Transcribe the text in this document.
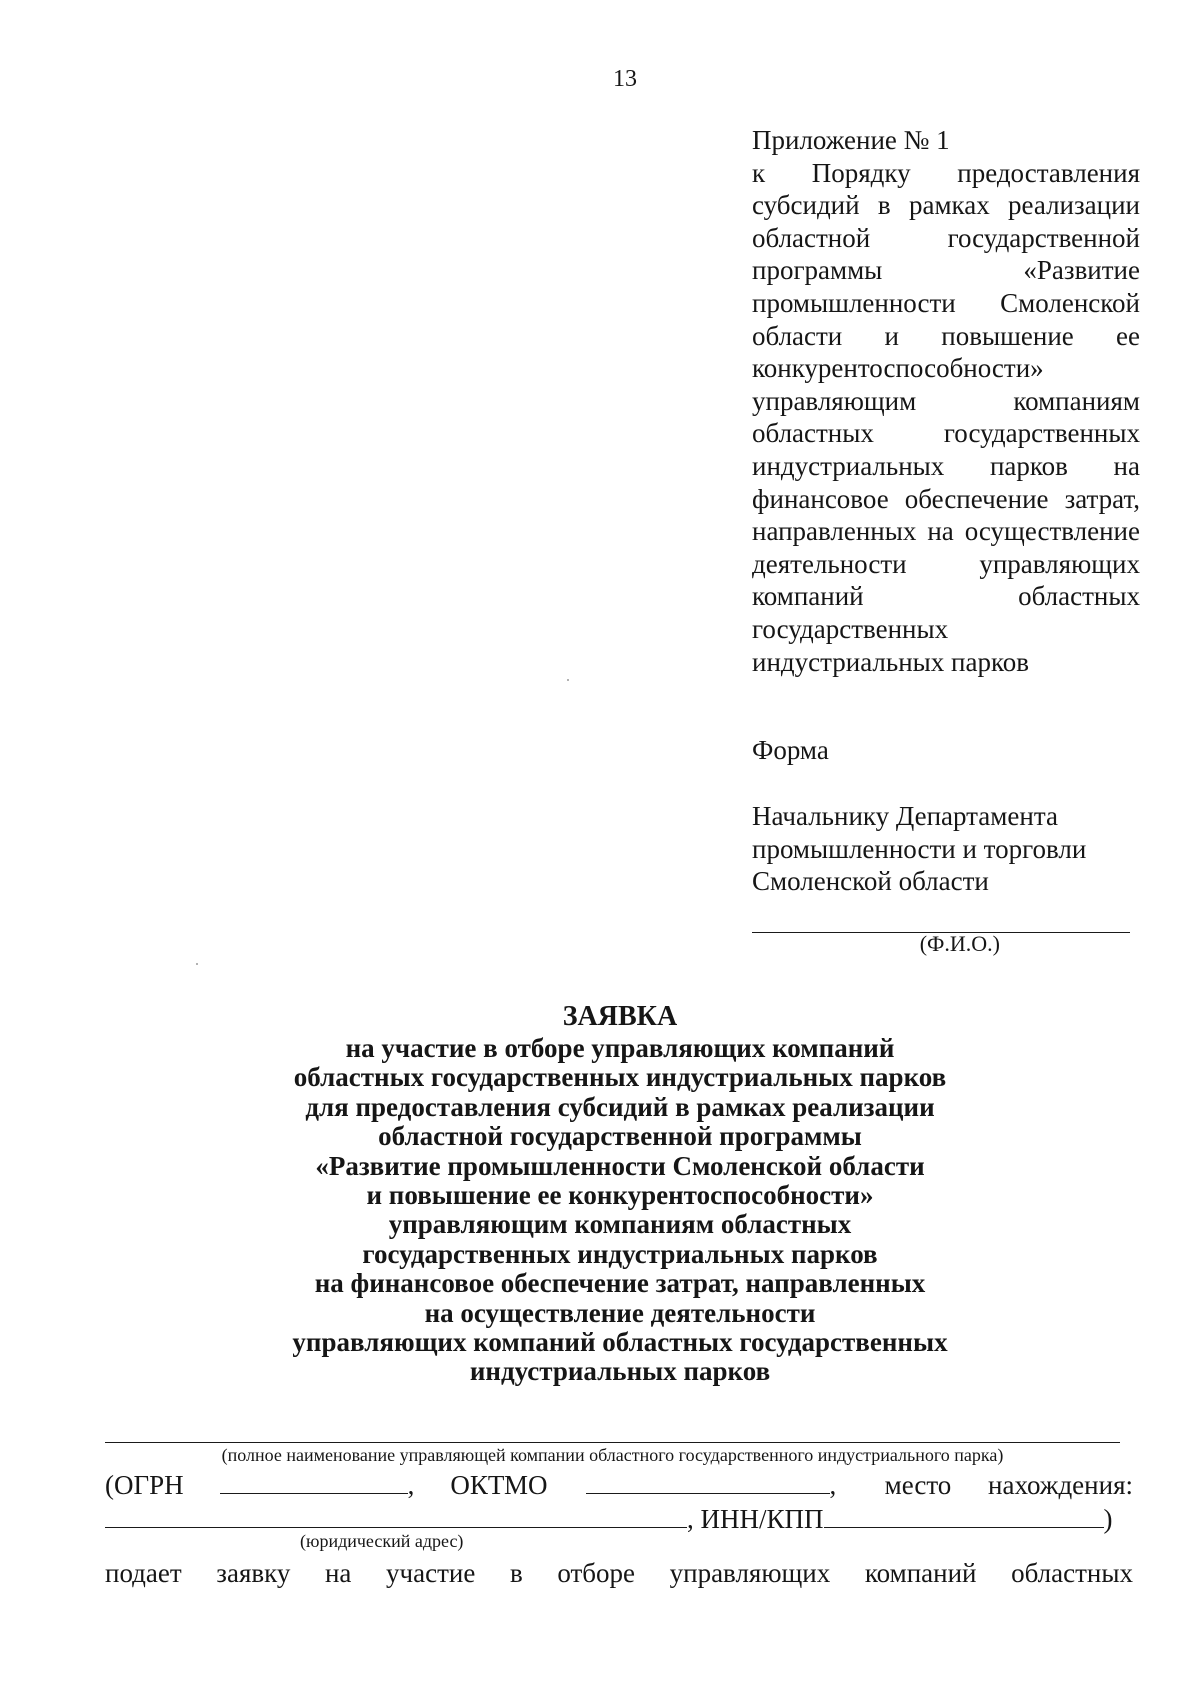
13
Приложение № 1
к Порядку предоставления субсидий в рамках реализации областной государственной программы «Развитие промышленности Смоленской области и повышение ее конкурентоспособности» управляющим компаниям областных государственных индустриальных парков на финансовое обеспечение затрат, направленных на осуществление деятельности управляющих компаний областных государственных
индустриальных парков
Форма
Начальнику Департамента
промышленности и торговли
Смоленской области
(Ф.И.О.)
ЗАЯВКА
на участие в отборе управляющих компаний
областных государственных индустриальных парков
для предоставления субсидий в рамках реализации
областной государственной программы
«Развитие промышленности Смоленской области
и повышение ее конкурентоспособности»
управляющим компаниям областных
государственных индустриальных парков
на финансовое обеспечение затрат, направленных
на осуществление деятельности
управляющих компаний областных государственных
индустриальных парков
(полное наименование управляющей компании областного государственного индустриального парка)
(ОГРН	, ОКТМО	, место нахождения:
, ИНН/КПП	)
(юридический адрес)
подает заявку на участие в отборе управляющих компаний областных
